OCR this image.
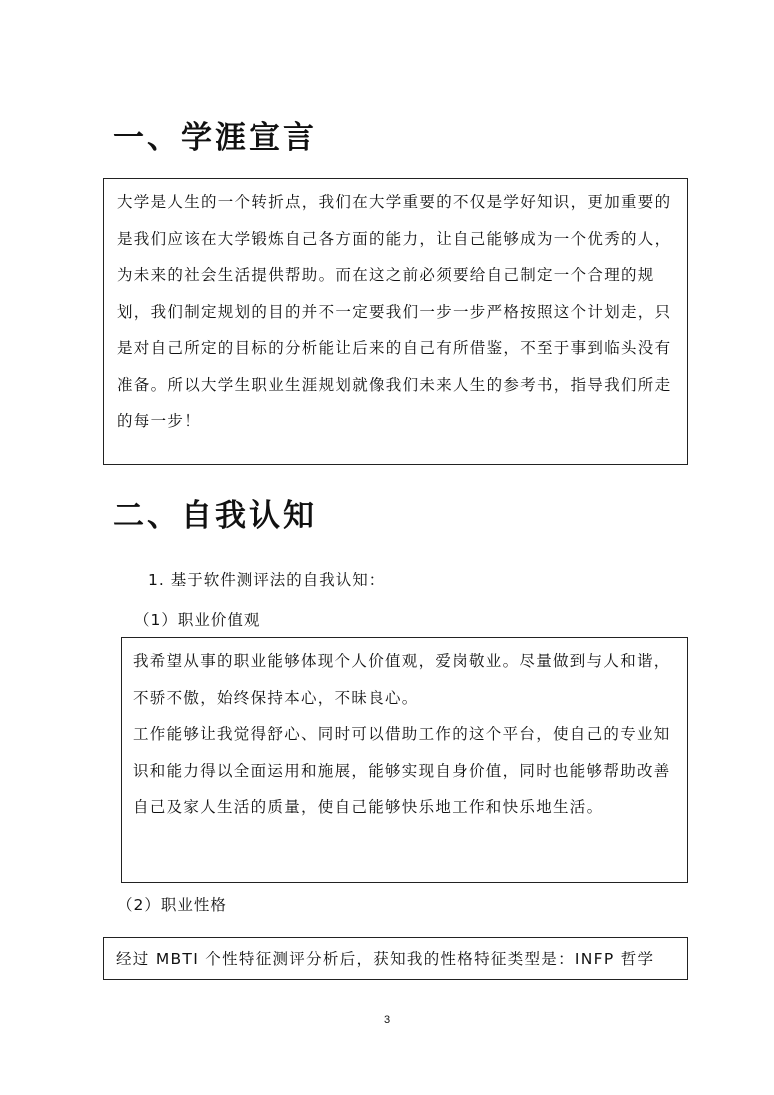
一、学涯宣言

大学是人生的一个转折点，我们在大学重要的不仅是学好知识，更加重要的是我们应该在大学锻炼自己各方面的能力，让自己能够成为一个优秀的人，为未来的社会生活提供帮助。而在这之前必须要给自己制定一个合理的规划，我们制定规划的目的并不一定要我们一步一步严格按照这个计划走，只是对自己所定的目标的分析能让后来的自己有所借鉴，不至于事到临头没有准备。所以大学生职业生涯规划就像我们未来人生的参考书，指导我们所走的每一步！

二、自我认知

1. 基于软件测评法的自我认知：

（1）职业价值观

我希望从事的职业能够体现个人价值观，爱岗敬业。尽量做到与人和谐，不骄不傲，始终保持本心，不昧良心。

工作能够让我觉得舒心、同时可以借助工作的这个平台，使自己的专业知识和能力得以全面运用和施展，能够实现自身价值，同时也能够帮助改善自己及家人生活的质量，使自己能够快乐地工作和快乐地生活。

（2）职业性格

经过 MBTI 个性特征测评分析后，获知我的性格特征类型是：INFP 哲学

3
